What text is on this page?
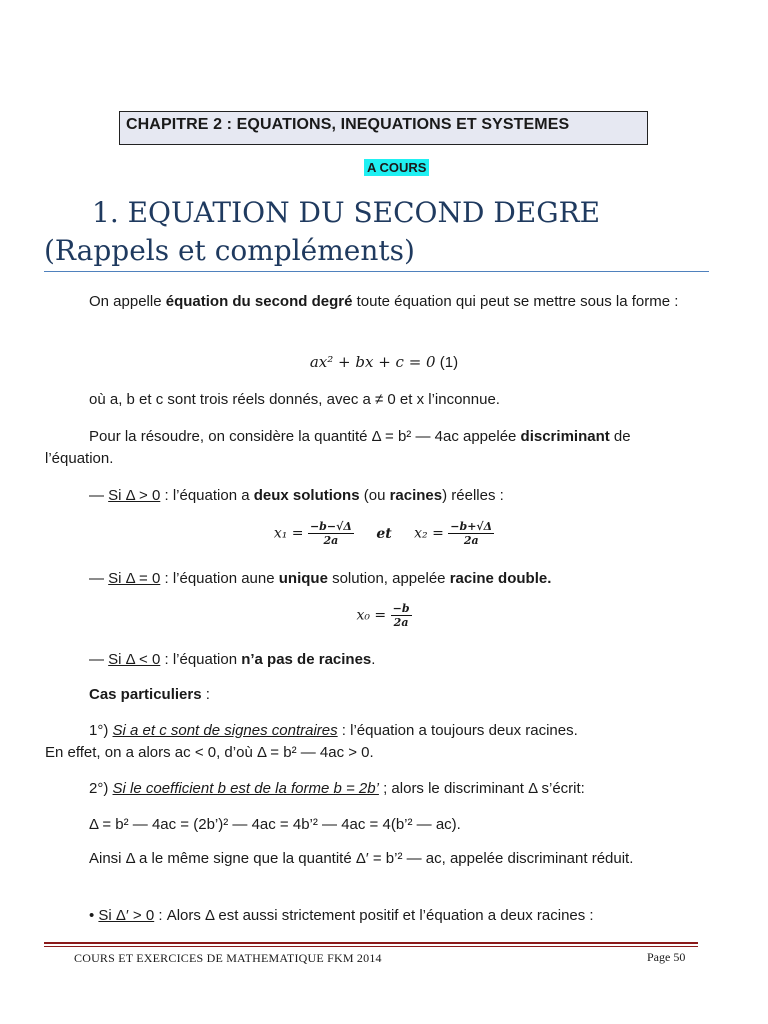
CHAPITRE 2 : EQUATIONS, INEQUATIONS ET SYSTEMES
A COURS
1. EQUATION DU SECOND DEGRE
(Rappels et compléments)
On appelle équation du second degré toute équation qui peut se mettre sous la forme :
ax² + bx + c = 0 (1)
où a, b et c sont trois réels donnés, avec a ≠ 0 et x l’inconnue.
Pour la résoudre, on considère la quantité Δ = b² — 4ac appelée discriminant de l’équation.
— Si Δ > 0 : l’équation a deux solutions (ou racines) réelles :
$x_1 = \frac{-b-√\Delta}{2a}$ et $x_2 = \frac{-b+√\Delta}{2a}$
— Si Δ = 0 : l’équation aune unique solution, appelée racine double.
$x_0 = \frac{-b}{2a}$
— Si Δ < 0 : l’équation n’a pas de racines.
Cas particuliers :
1°) Si a et c sont de signes contraires : l’équation a toujours deux racines.
En effet, on a alors ac < 0, d’où Δ = b² — 4ac > 0.
2°) Si le coefficient b est de la forme b = 2b’ ; alors le discriminant Δ s’écrit:
Δ = b² — 4ac = (2b’)² — 4ac = 4b’² — 4ac = 4(b’² — ac).
Ainsi Δ a le même signe que la quantité Δ′ = b’² — ac, appelée discriminant réduit.
• Si Δ′ > 0 : Alors Δ est aussi strictement positif et l’équation a deux racines :
COURS ET EXERCICES DE MATHEMATIQUE FKM 2014	Page 50
